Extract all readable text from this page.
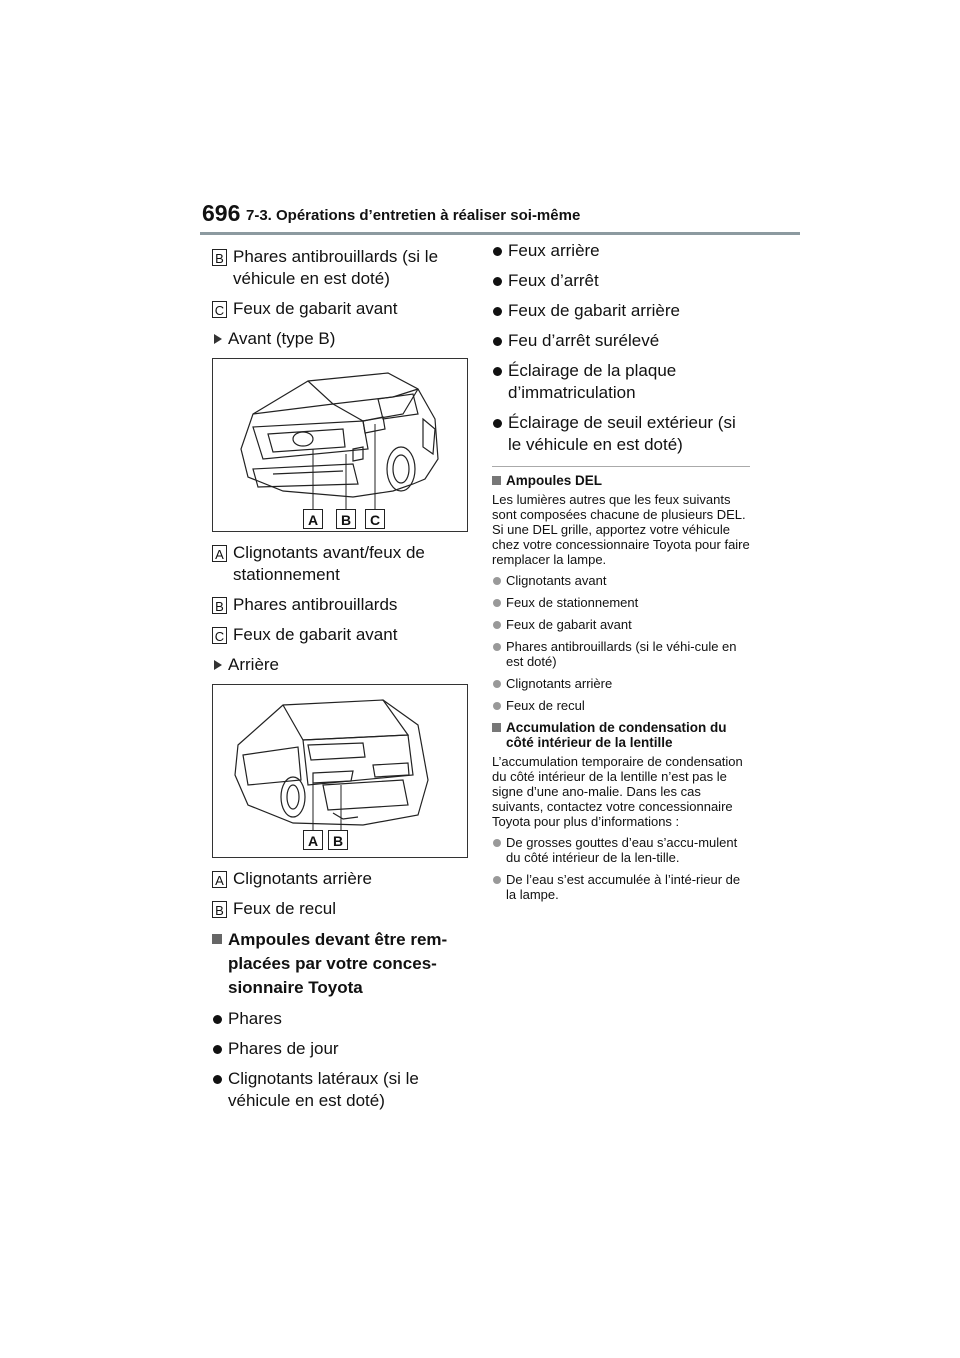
696 7-3. Opérations d’entretien à réaliser soi-même
B Phares antibrouillards (si le véhicule en est doté)
C Feux de gabarit avant
Avant (type B)
A	B	C
A Clignotants avant/feux de stationnement
B Phares antibrouillards
C Feux de gabarit avant
Arrière
A	B
A Clignotants arrière
B Feux de recul
Ampoules devant être rem-placées par votre conces-sionnaire Toyota
Phares
Phares de jour
Clignotants latéraux (si le véhicule en est doté)
Feux arrière
Feux d’arrêt
Feux de gabarit arrière
Feu d’arrêt surélevé
Éclairage de la plaque d’immatriculation
Éclairage de seuil extérieur (si le véhicule en est doté)
Ampoules DEL
Les lumières autres que les feux suivants sont composées chacune de plusieurs DEL. Si une DEL grille, apportez votre véhicule chez votre concessionnaire Toyota pour faire remplacer la lampe.
Clignotants avant
Feux de stationnement
Feux de gabarit avant
Phares antibrouillards (si le véhi-cule en est doté)
Clignotants arrière
Feux de recul
Accumulation de condensation du côté intérieur de la lentille
L’accumulation temporaire de condensation du côté intérieur de la lentille n’est pas le signe d’une ano-malie. Dans les cas suivants, contactez votre concessionnaire Toyota pour plus d’informations :
De grosses gouttes d’eau s’accu-mulent du côté intérieur de la len-tille.
De l’eau s’est accumulée à l’inté-rieur de la lampe.
